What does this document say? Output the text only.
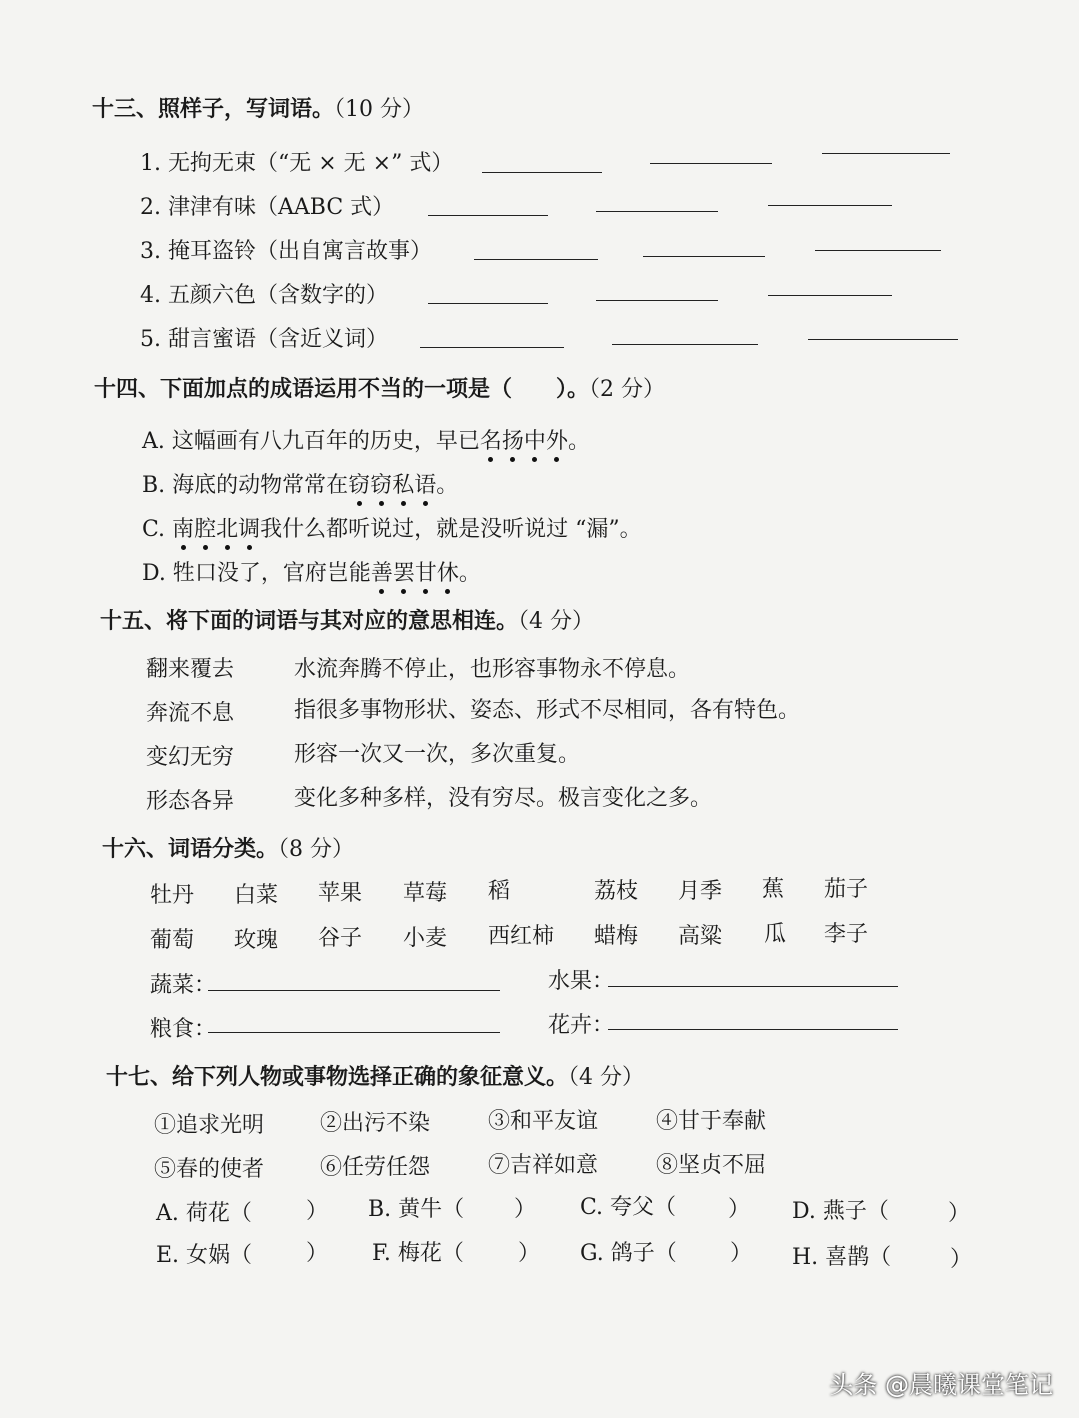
十三、照样子，写词语。（10 分）
1. 无拘无束（“无 × 无 ×” 式）
2. 津津有味（AABC 式）
3. 掩耳盗铃（出自寓言故事）
4. 五颜六色（含数字的）
5. 甜言蜜语（含近义词）
十四、下面加点的成语运用不当的一项是（　　）。（2 分）
A. 这幅画有八九百年的历史，早已名扬中外。
B. 海底的动物常常在窃窃私语。
C. 南腔北调我什么都听说过，就是没听说过 “漏”。
D. 牲口没了，官府岂能善罢甘休。
十五、将下面的词语与其对应的意思相连。（4 分）
翻来覆去	水流奔腾不停止，也形容事物永不停息。
奔流不息	指很多事物形状、姿态、形式不尽相同，各有特色。
变幻无穷	形容一次又一次，多次重复。
形态各异	变化多种多样，没有穷尽。极言变化之多。
十六、词语分类。（8 分）
牡丹 白菜 苹果 草莓 稻	荔枝 月季 蕉 茄子
葡萄 玫瑰 谷子 小麦 西红柿 蜡梅 高粱 瓜 李子
蔬菜：	水果：
粮食：	花卉：
十七、给下列人物或事物选择正确的象征意义。（4 分）
①追求光明	②出污不染	③和平友谊	④甘于奉献
⑤春的使者	⑥任劳任怨	⑦吉祥如意	⑧坚贞不屈
A. 荷花（ ） B. 黄牛（ ） C. 夸父（ ） D. 燕子（	）
E. 女娲（ ） F. 梅花（ ） G. 鸽子（ ） H. 喜鹊（	）
头条 @晨曦课堂笔记
